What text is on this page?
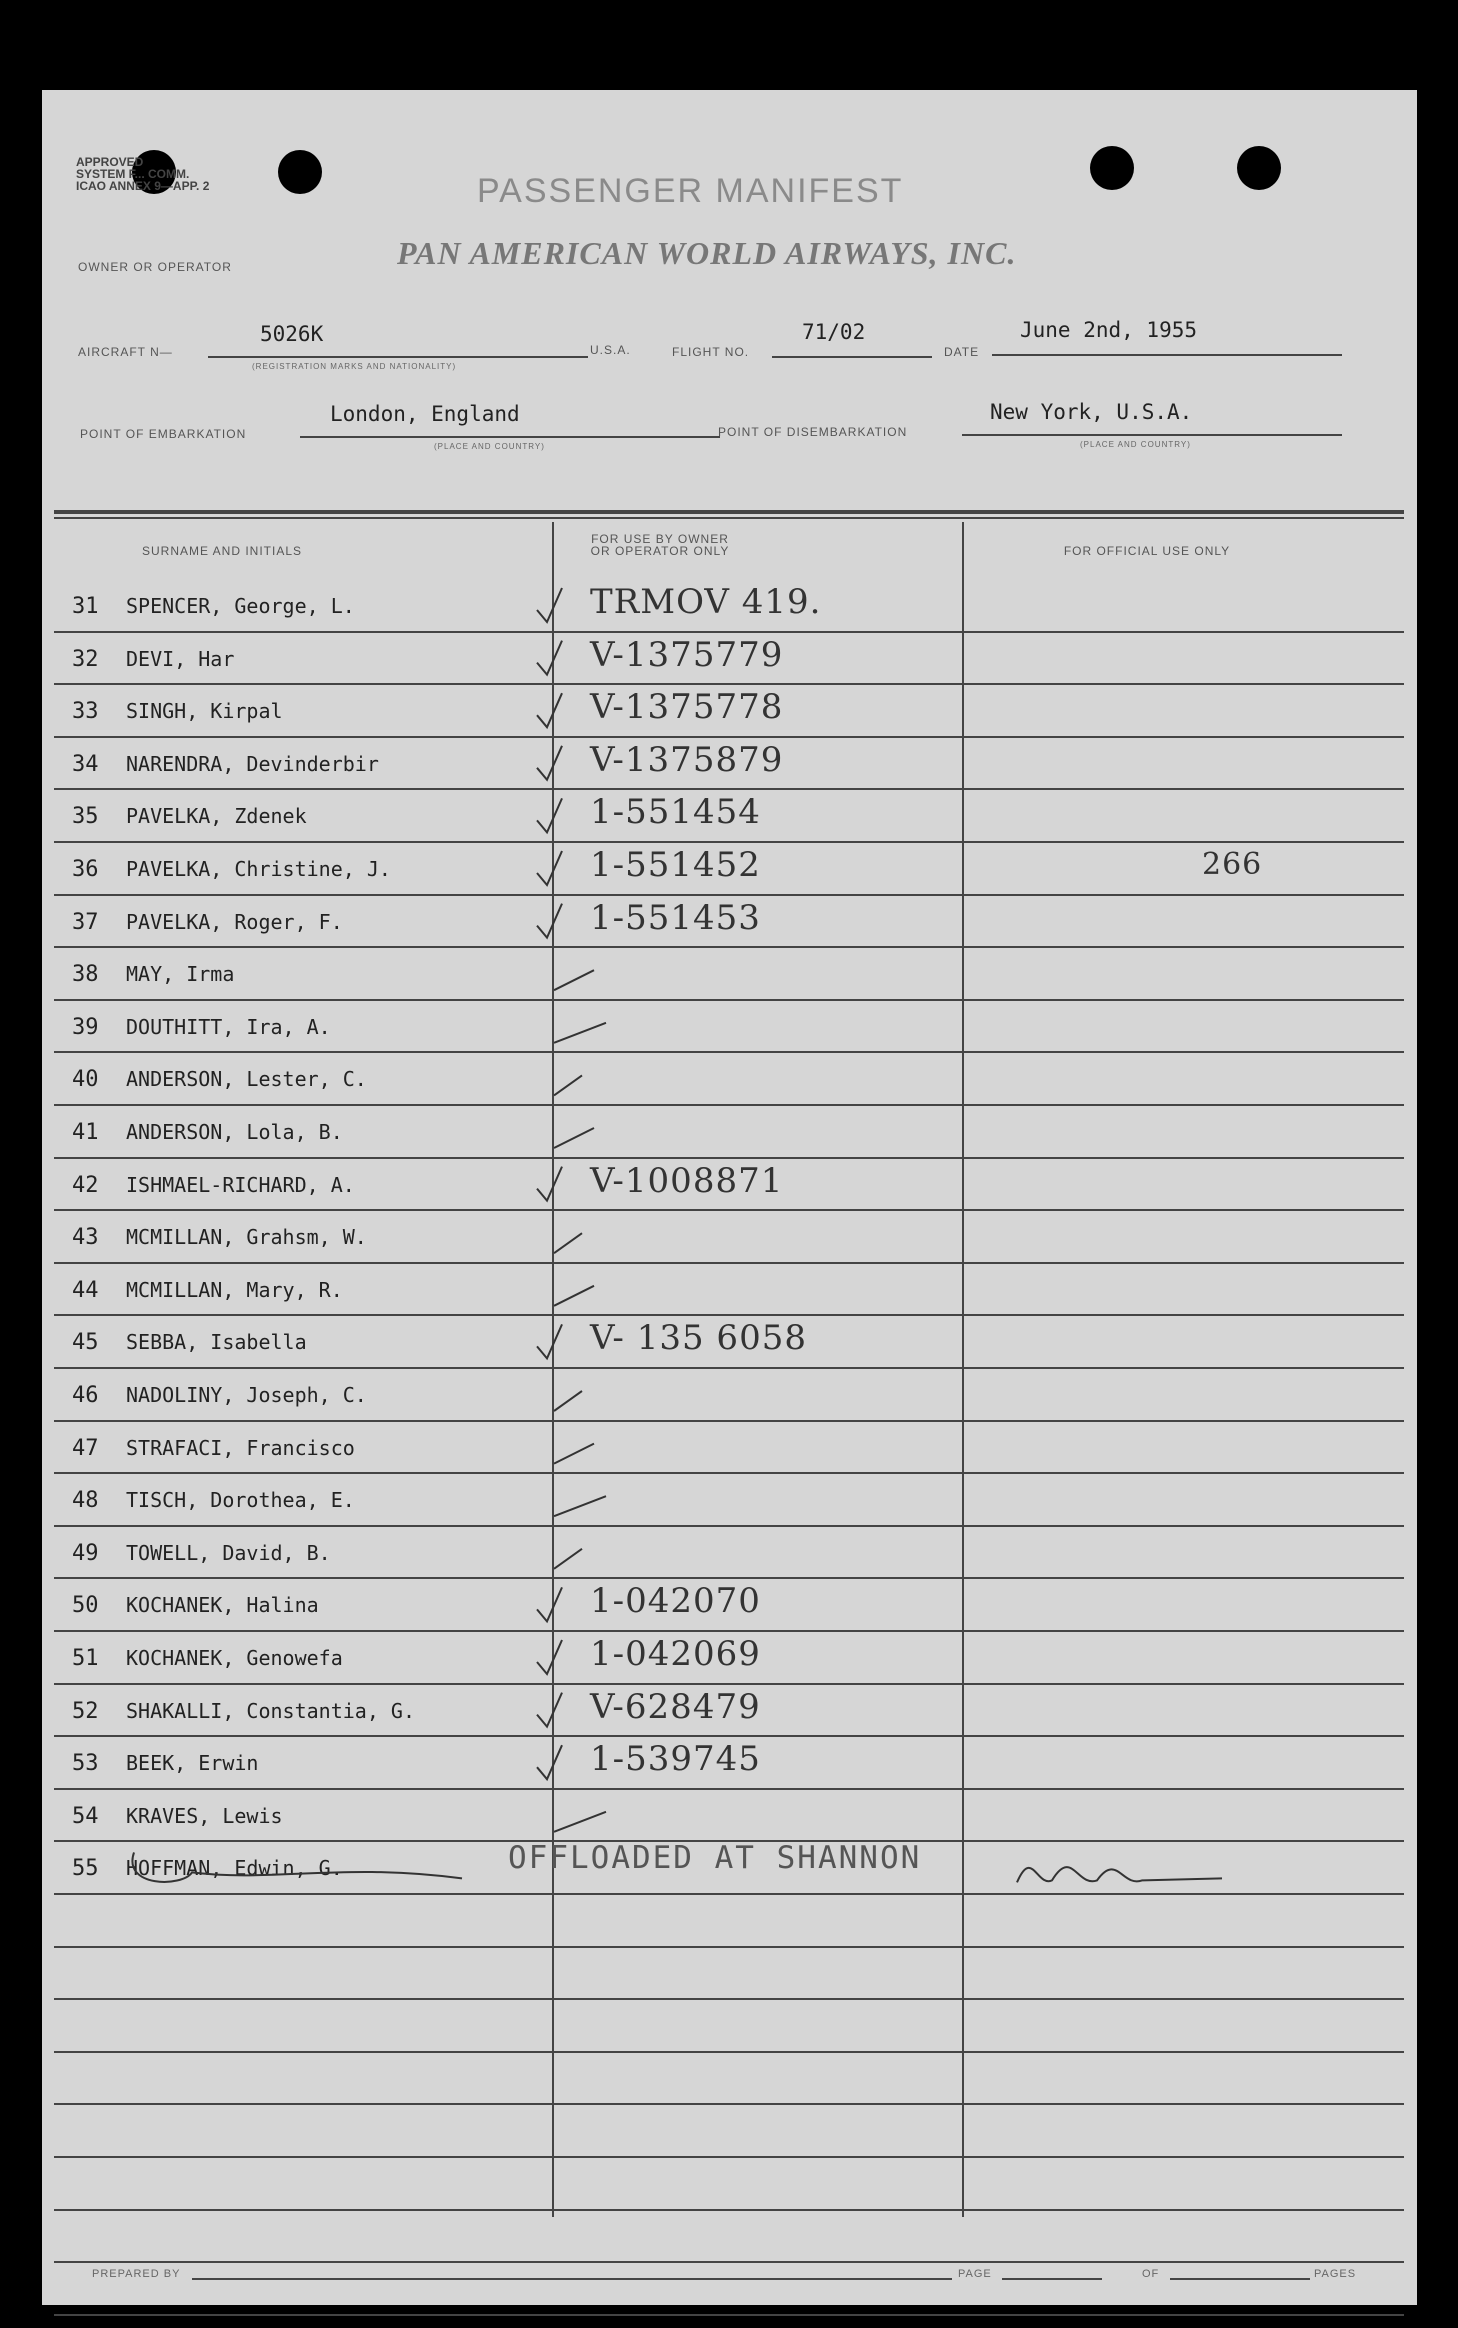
APPROVED
SYSTEM F... COMM.
ICAO ANNEX 9—APP. 2	PASSENGER MANIFEST
OWNER OR OPERATOR	PAN AMERICAN WORLD AIRWAYS, INC.
AIRCRAFT N—
5026K
(REGISTRATION MARKS AND NATIONALITY)
U.S.A.	FLIGHT NO.
71/02
DATE
June 2nd, 1955
POINT OF EMBARKATION
London, England
(PLACE AND COUNTRY)
POINT OF DISEMBARKATION
New York, U.S.A.
(PLACE AND COUNTRY)
SURNAME AND INITIALS
FOR USE BY OWNER
OR OPERATOR ONLY	FOR OFFICIAL USE ONLY
31	SPENCER, George, L.	TRMOV 419.
32	DEVI, Har	V-1375779
33	SINGH, Kirpal	V-1375778
34	NARENDRA, Devinderbir	V-1375879
35	PAVELKA, Zdenek	1-551454
36	PAVELKA, Christine, J.	1-551452	266
37	PAVELKA, Roger, F.	1-551453
38	MAY, Irma
39	DOUTHITT, Ira, A.
40	ANDERSON, Lester, C.
41	ANDERSON, Lola, B.
42	ISHMAEL-RICHARD, A.	V-1008871
43	MCMILLAN, Grahsm, W.
44	MCMILLAN, Mary, R.
45	SEBBA, Isabella	V- 135 6058
46	NADOLINY, Joseph, C.
47	STRAFACI, Francisco
48	TISCH, Dorothea, E.
49	TOWELL, David, B.
50	KOCHANEK, Halina	1-042070
51	KOCHANEK, Genowefa	1-042069
52	SHAKALLI, Constantia, G.	V-628479
53	BEEK, Erwin	1-539745
54	KRAVES, Lewis
55	HOFFMAN, Edwin, G.	OFFLOADED AT SHANNON
PREPARED BY	PAGE	OF	PAGES
